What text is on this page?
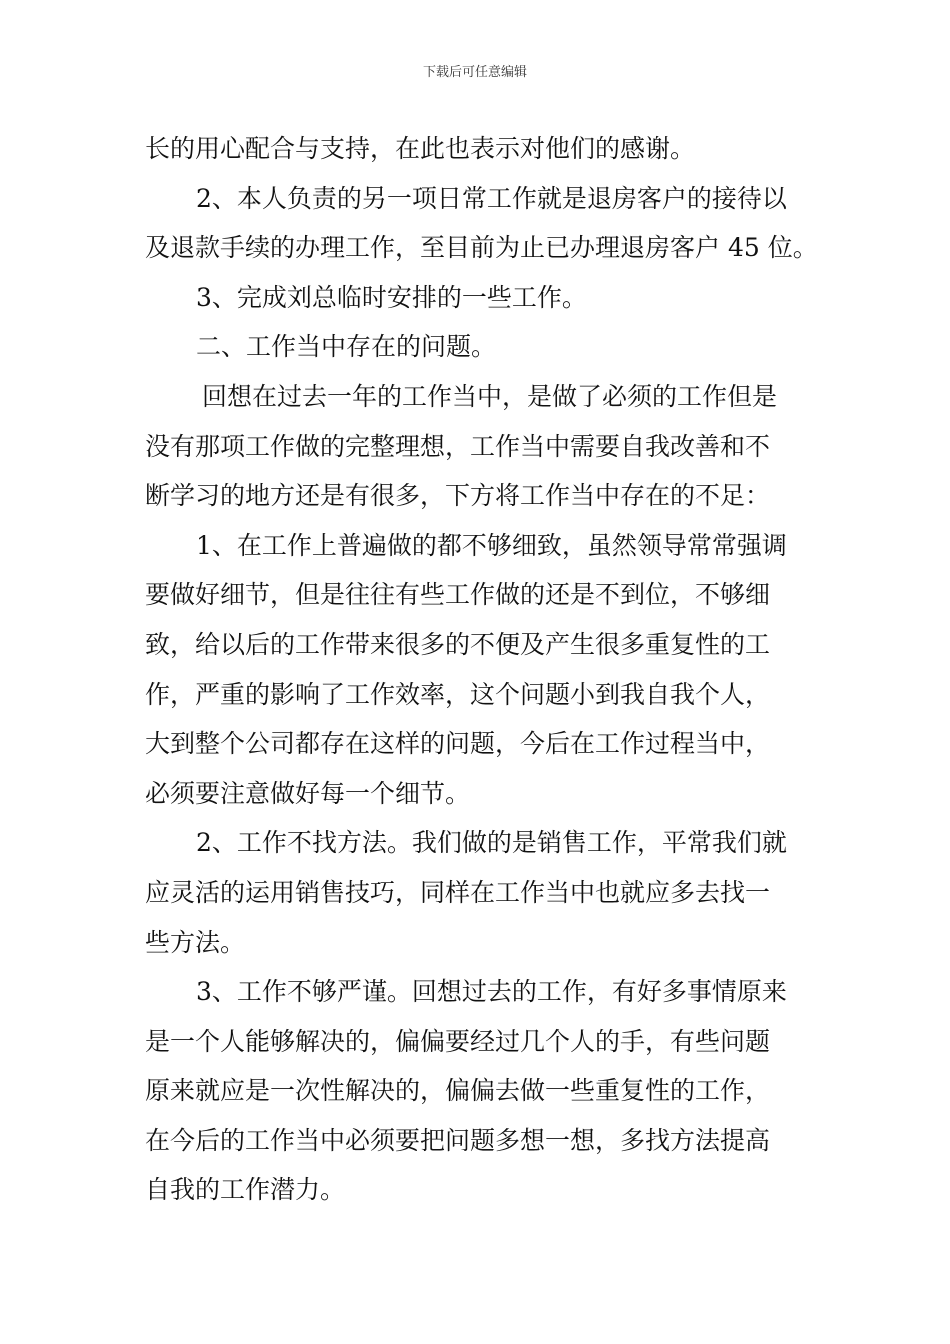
下载后可任意编辑
长的用心配合与支持，在此也表示对他们的感谢。
2、本人负责的另一项日常工作就是退房客户的接待以
及退款手续的办理工作，至目前为止已办理退房客户 45 位。
3、完成刘总临时安排的一些工作。
二、工作当中存在的问题。
回想在过去一年的工作当中，是做了必须的工作但是
没有那项工作做的完整理想，工作当中需要自我改善和不
断学习的地方还是有很多，下方将工作当中存在的不足：
1、在工作上普遍做的都不够细致，虽然领导常常强调
要做好细节，但是往往有些工作做的还是不到位，不够细
致，给以后的工作带来很多的不便及产生很多重复性的工
作，严重的影响了工作效率，这个问题小到我自我个人，
大到整个公司都存在这样的问题，今后在工作过程当中，
必须要注意做好每一个细节。
2、工作不找方法。我们做的是销售工作，平常我们就
应灵活的运用销售技巧，同样在工作当中也就应多去找一
些方法。
3、工作不够严谨。回想过去的工作，有好多事情原来
是一个人能够解决的，偏偏要经过几个人的手，有些问题
原来就应是一次性解决的，偏偏去做一些重复性的工作，
在今后的工作当中必须要把问题多想一想，多找方法提高
自我的工作潜力。
